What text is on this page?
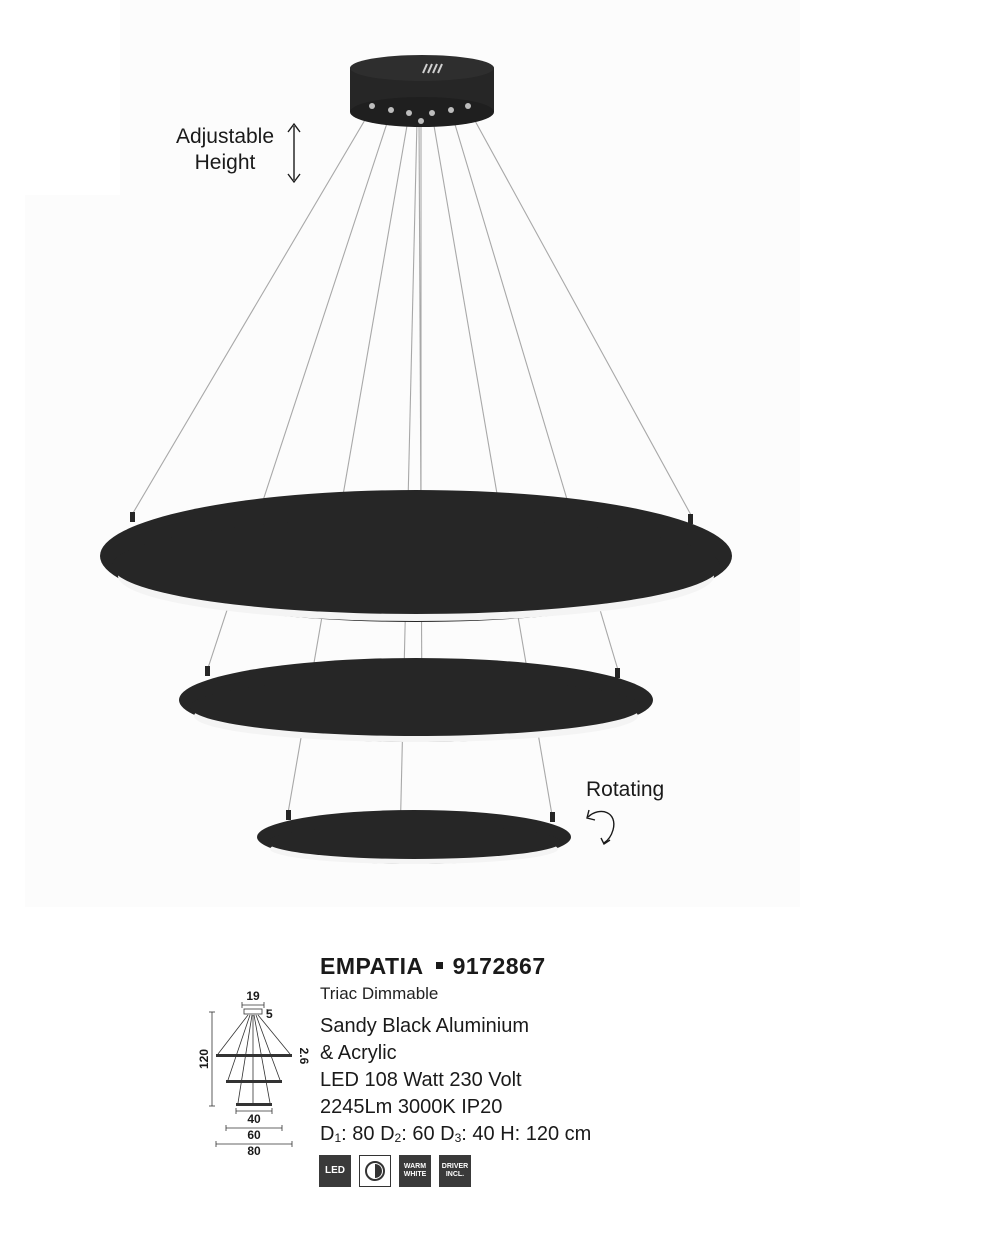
Adjustable
Height
Rotating
19
5
120	2.6
40
60
80
EMPATIA 9172867
Triac Dimmable
Sandy Black Aluminium
& Acrylic
LED 108 Watt 230 Volt
2245Lm 3000K IP20
$D_1$: 80 $D_2$: 60 $D_3$: 40 H: 120 cm
LED	WARM
WHITE
DRIVER
INCL.
